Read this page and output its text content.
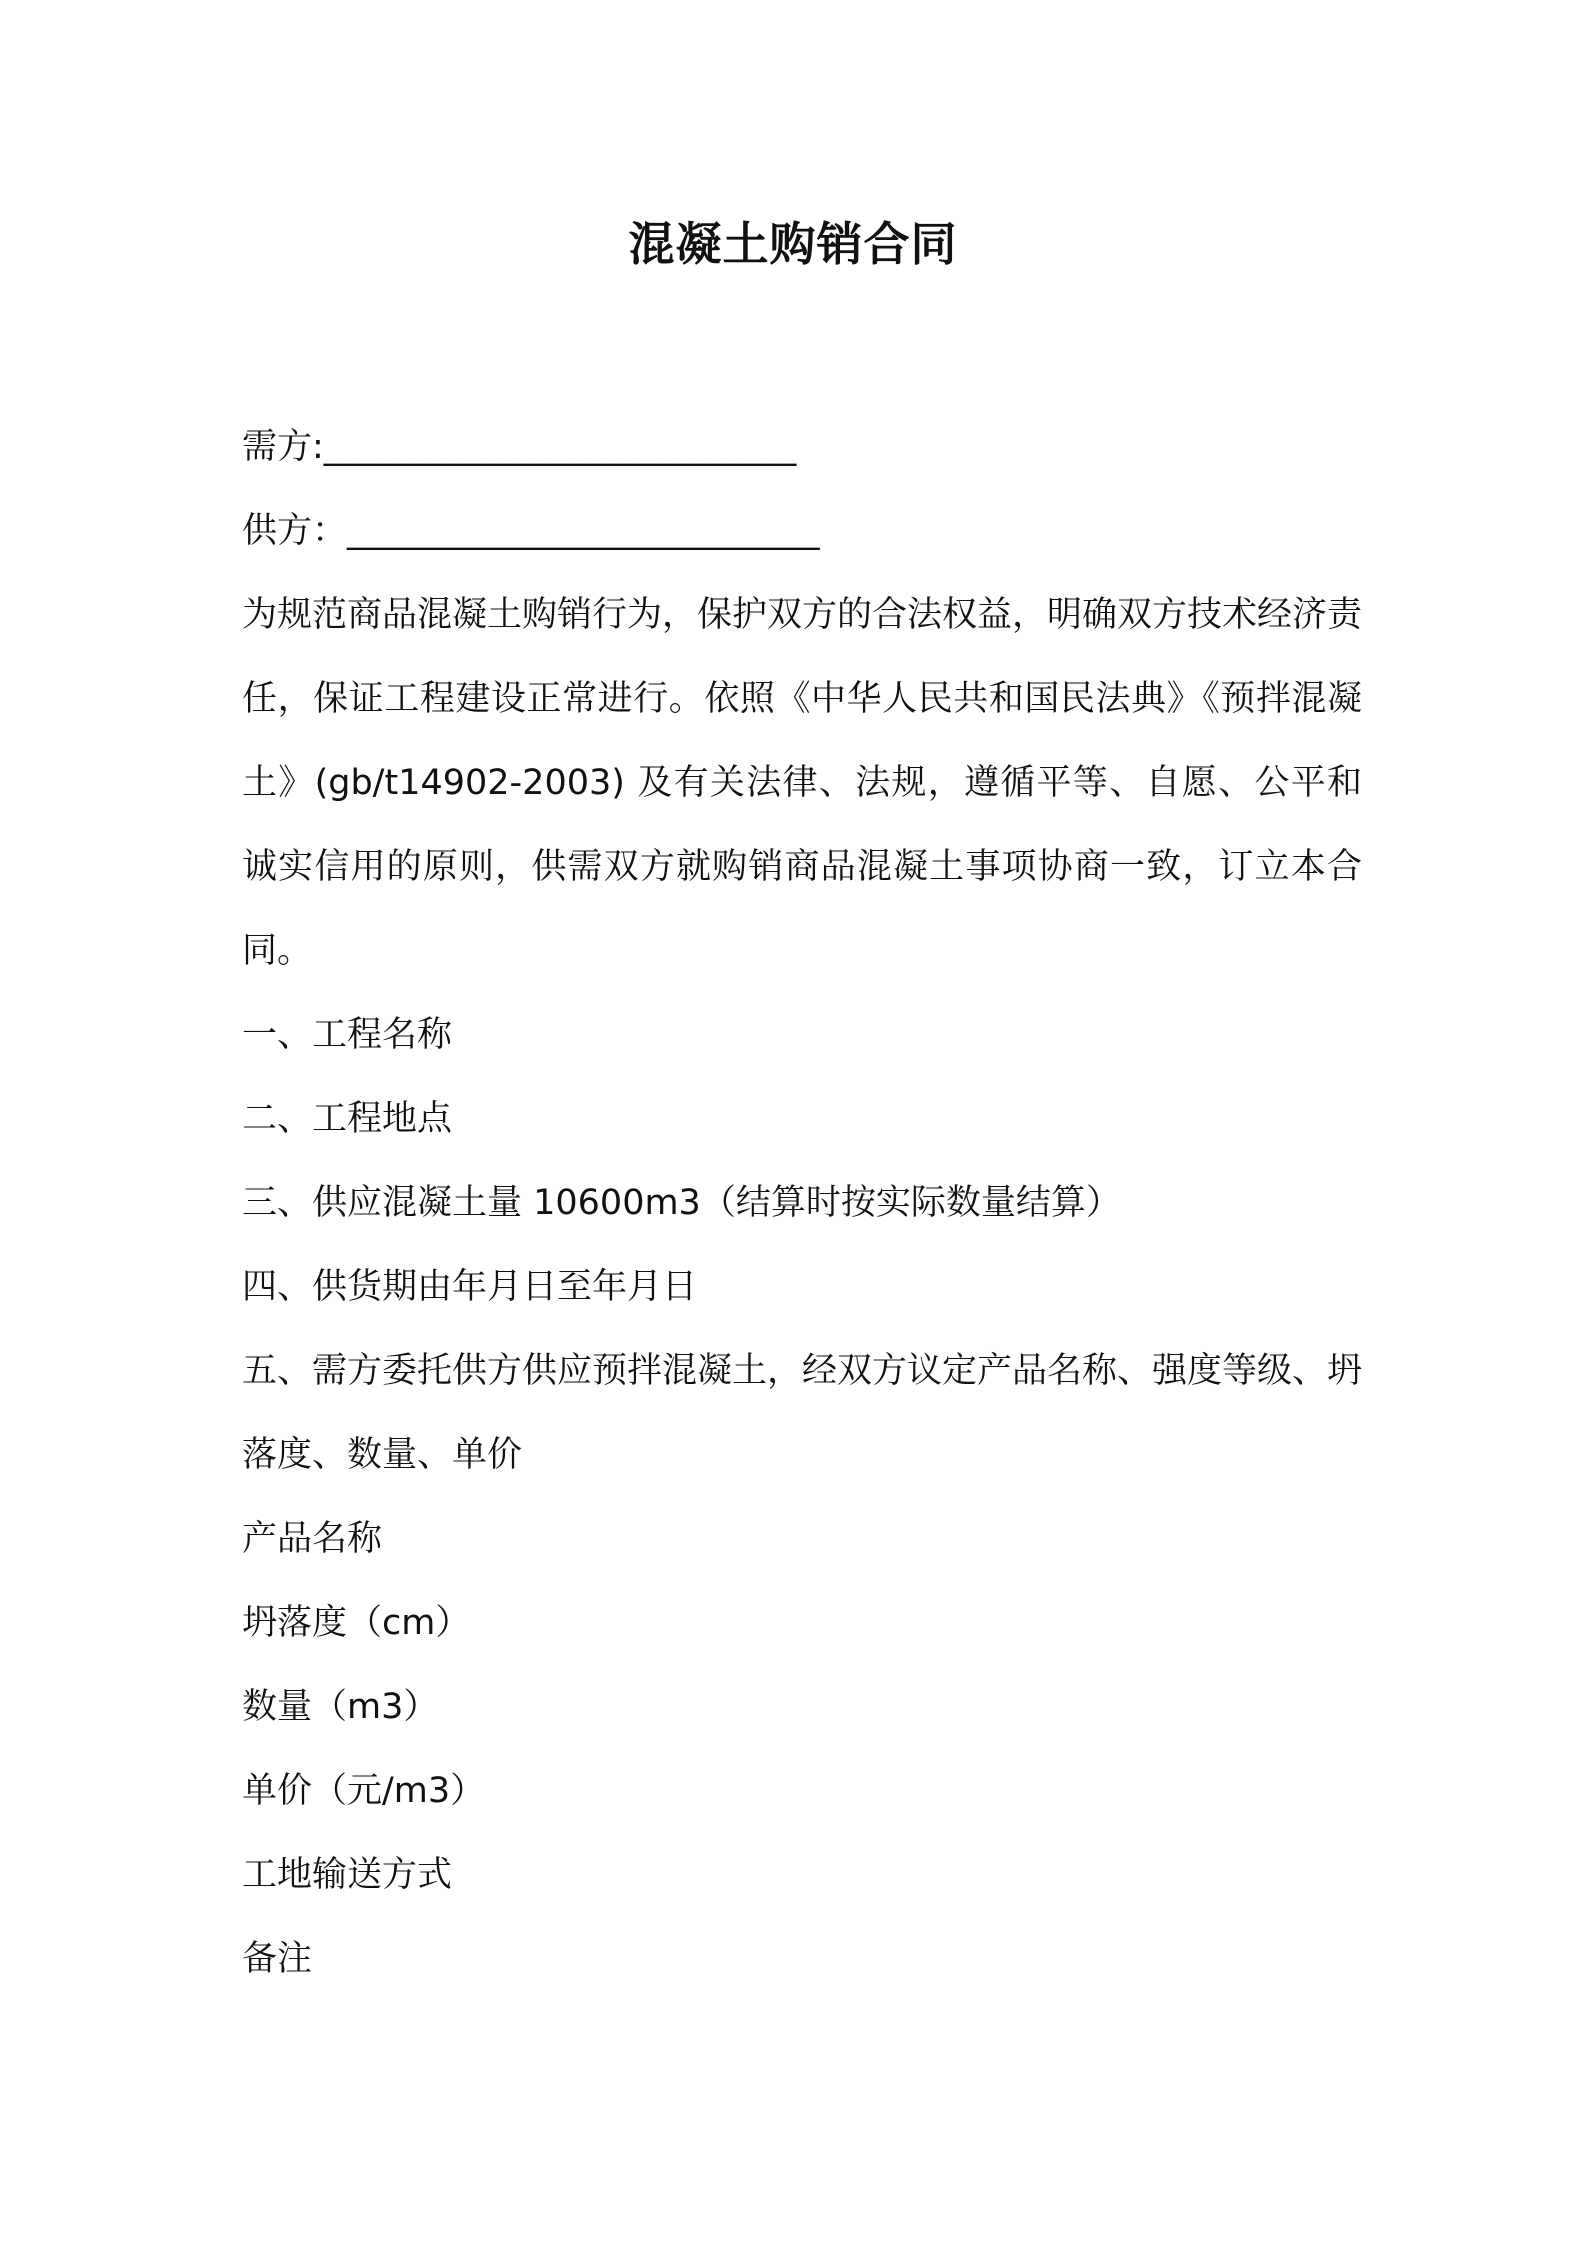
混凝土购销合同
需方:___________________________
供方：___________________________
为规范商品混凝土购销行为，保护双方的合法权益，明确双方技术经济责任，保证工程建设正常进行。依照《中华人民共和国民法典》《预拌混凝土》(gb/t14902-2003) 及有关法律、法规，遵循平等、自愿、公平和诚实信用的原则，供需双方就购销商品混凝土事项协商一致，订立本合同。
一、工程名称
二、工程地点
三、供应混凝土量 10600m3（结算时按实际数量结算）
四、供货期由年月日至年月日
五、需方委托供方供应预拌混凝土，经双方议定产品名称、强度等级、坍落度、数量、单价
产品名称
坍落度（cm）
数量（m3）
单价（元/m3）
工地输送方式
备注
